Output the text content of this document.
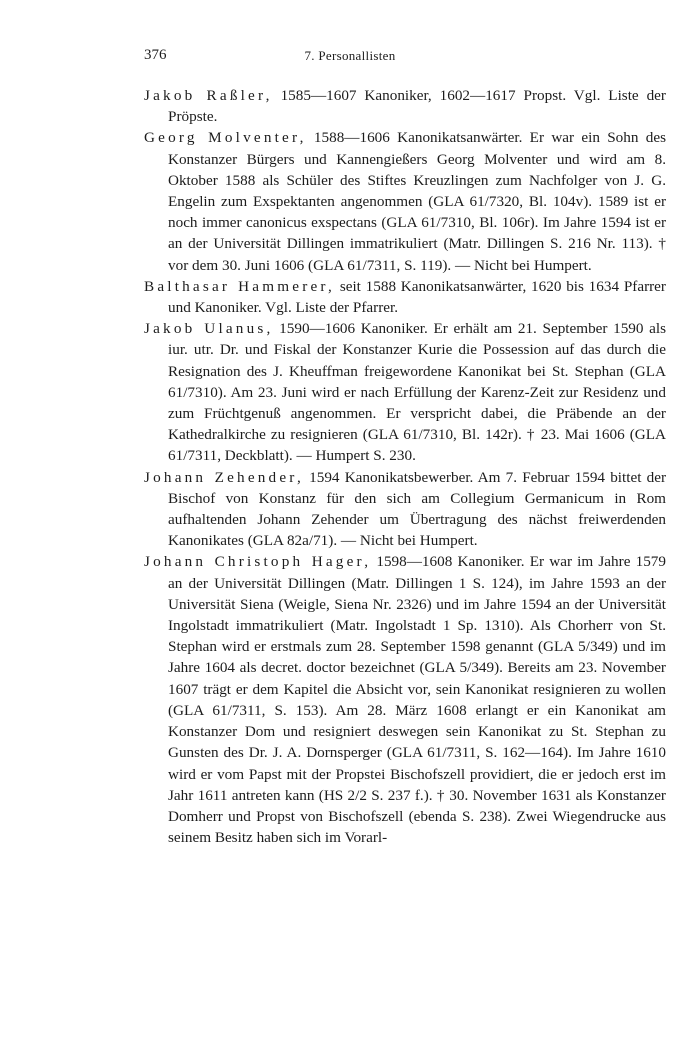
376	7. Personallisten

Jakob Raßler, 1585—1607 Kanoniker, 1602—1617 Propst. Vgl. Liste der Pröpste.

Georg Molventer, 1588—1606 Kanonikatsanwärter. Er war ein Sohn des Konstanzer Bürgers und Kannengießers Georg Molventer und wird am 8. Oktober 1588 als Schüler des Stiftes Kreuzlingen zum Nachfolger von J. G. Engelin zum Exspektanten angenommen (GLA 61/7320, Bl. 104v). 1589 ist er noch immer canonicus exspectans (GLA 61/7310, Bl. 106r). Im Jahre 1594 ist er an der Universität Dillingen immatrikuliert (Matr. Dillingen S. 216 Nr. 113). † vor dem 30. Juni 1606 (GLA 61/7311, S. 119). — Nicht bei Humpert.

Balthasar Hammerer, seit 1588 Kanonikatsanwärter, 1620 bis 1634 Pfarrer und Kanoniker. Vgl. Liste der Pfarrer.

Jakob Ulanus, 1590—1606 Kanoniker. Er erhält am 21. September 1590 als iur. utr. Dr. und Fiskal der Konstanzer Kurie die Possession auf das durch die Resignation des J. Kheuffman freigewordene Kanonikat bei St. Stephan (GLA 61/7310). Am 23. Juni wird er nach Erfüllung der Karenz-Zeit zur Residenz und zum Früchtgenuß angenommen. Er verspricht dabei, die Präbende an der Kathedralkirche zu resignieren (GLA 61/7310, Bl. 142r). † 23. Mai 1606 (GLA 61/7311, Deckblatt). — Humpert S. 230.

Johann Zehender, 1594 Kanonikatsbewerber. Am 7. Februar 1594 bittet der Bischof von Konstanz für den sich am Collegium Germanicum in Rom aufhaltenden Johann Zehender um Übertragung des nächst freiwerdenden Kanonikates (GLA 82a/71). — Nicht bei Humpert.

Johann Christoph Hager, 1598—1608 Kanoniker. Er war im Jahre 1579 an der Universität Dillingen (Matr. Dillingen 1 S. 124), im Jahre 1593 an der Universität Siena (Weigle, Siena Nr. 2326) und im Jahre 1594 an der Universität Ingolstadt immatrikuliert (Matr. Ingolstadt 1 Sp. 1310). Als Chorherr von St. Stephan wird er erstmals zum 28. September 1598 genannt (GLA 5/349) und im Jahre 1604 als decret. doctor bezeichnet (GLA 5/349). Bereits am 23. November 1607 trägt er dem Kapitel die Absicht vor, sein Kanonikat resignieren zu wollen (GLA 61/7311, S. 153). Am 28. März 1608 erlangt er ein Kanonikat am Konstanzer Dom und resigniert deswegen sein Kanonikat zu St. Stephan zu Gunsten des Dr. J. A. Dornsperger (GLA 61/7311, S. 162—164). Im Jahre 1610 wird er vom Papst mit der Propstei Bischofszell providiert, die er jedoch erst im Jahr 1611 antreten kann (HS 2/2 S. 237 f.). † 30. November 1631 als Konstanzer Domherr und Propst von Bischofszell (ebenda S. 238). Zwei Wiegendrucke aus seinem Besitz haben sich im Vorarl-
